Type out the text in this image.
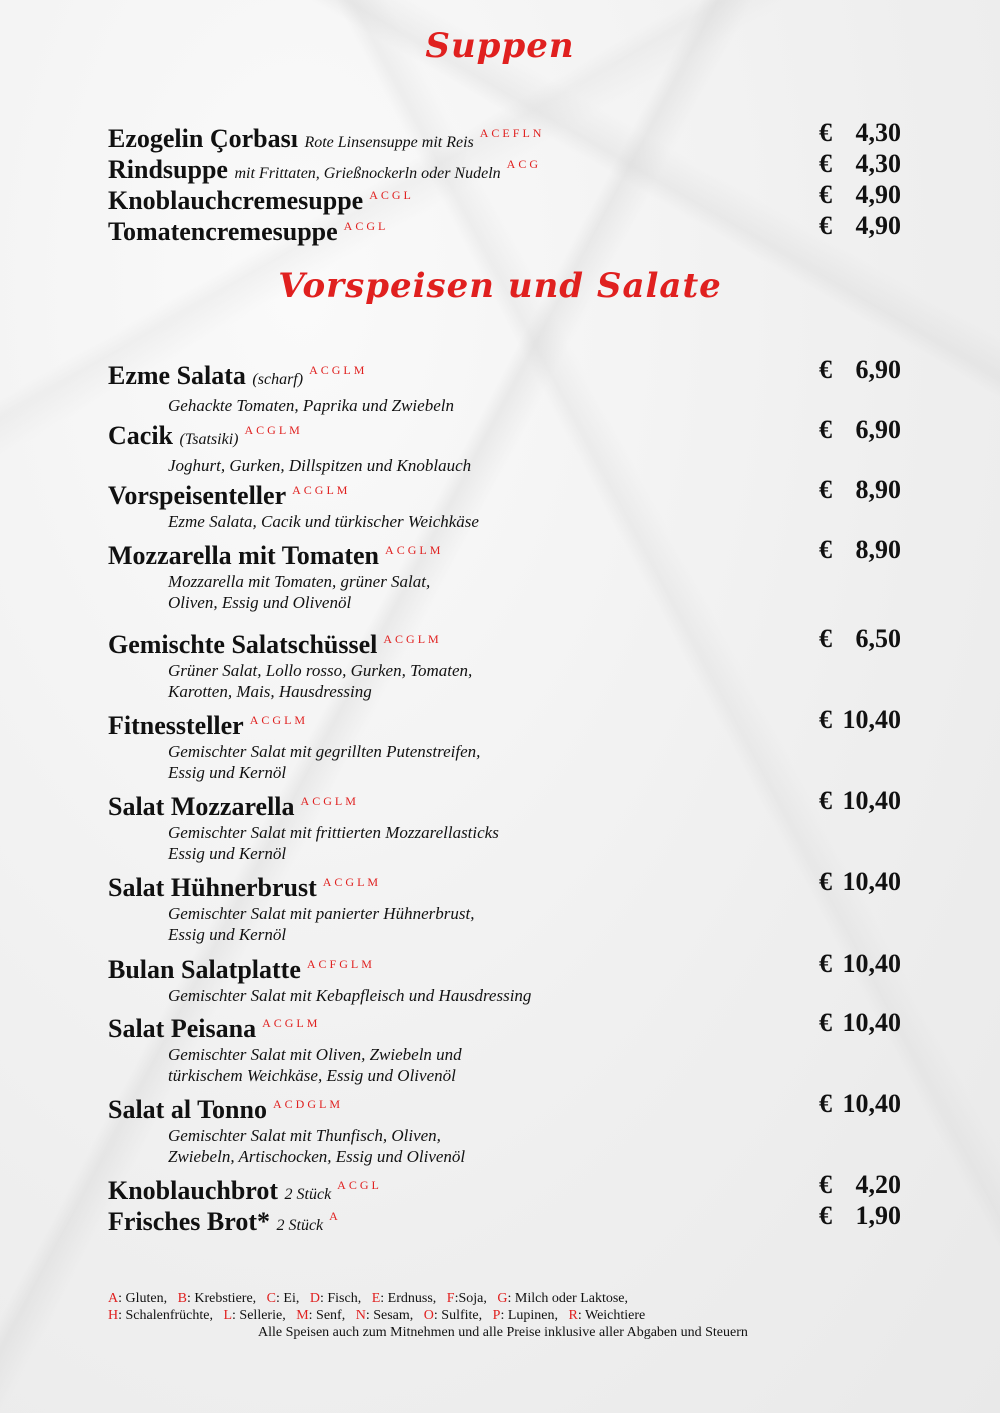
Suppen
Vorspeisen und Salate
Ezogelin Çorbası Rote Linsensuppe mit Reis$^{ACEFLN}$	€ 4,30
Rindsuppe mit Frittaten, Grießnockerln oder Nudeln$^{ACG}$	€ 4,30
Knoblauchcremesuppe $^{ACGL}$	€ 4,90
Tomatencremesuppe $^{ACGL}$	€ 4,90
Ezme Salata (scharf)$^{ACGLM}$	€ 6,90
Gehackte Tomaten, Paprika und Zwiebeln
Cacik (Tsatsiki)$^{ACGLM}$	€ 6,90
Joghurt, Gurken, Dillspitzen und Knoblauch
Vorspeisenteller $^{ACGLM}$	€ 8,90
Ezme Salata, Cacik und türkischer Weichkäse
Mozzarella mit Tomaten $^{ACGLM}$	€ 8,90
Mozzarella mit Tomaten, grüner Salat,
Oliven, Essig und Olivenöl
Gemischte Salatschüssel $^{ACGLM}$	€ 6,50
Grüner Salat, Lollo rosso, Gurken, Tomaten,
Karotten, Mais, Hausdressing
Fitnessteller $^{ACGLM}$	€ 10,40
Gemischter Salat mit gegrillten Putenstreifen,
Essig und Kernöl
Salat Mozzarella $^{ACGLM}$	€ 10,40
Gemischter Salat mit frittierten Mozzarellasticks
Essig und Kernöl
Salat Hühnerbrust $^{ACGLM}$	€ 10,40
Gemischter Salat mit panierter Hühnerbrust,
Essig und Kernöl
Bulan Salatplatte $^{ACFGLM}$	€ 10,40
Gemischter Salat mit Kebapfleisch und Hausdressing
Salat Peisana $^{ACGLM}$	€ 10,40
Gemischter Salat mit Oliven, Zwiebeln und
türkischem Weichkäse, Essig und Olivenöl
Salat al Tonno $^{ACDGLM}$	€ 10,40
Gemischter Salat mit Thunfisch, Oliven,
Zwiebeln, Artischocken, Essig und Olivenöl
Knoblauchbrot 2 Stück$^{ACGL}$	€ 4,20
Frisches Brot* 2 Stück$^A$	€ 1,90
A: Gluten, B: Krebstiere, C: Ei, D: Fisch, E: Erdnuss, F:Soja, G: Milch oder Laktose,
H: Schalenfrüchte, L: Sellerie, M: Senf, N: Sesam, O: Sulfite, P: Lupinen, R: Weichtiere
Alle Speisen auch zum Mitnehmen und alle Preise inklusive aller Abgaben und Steuern
